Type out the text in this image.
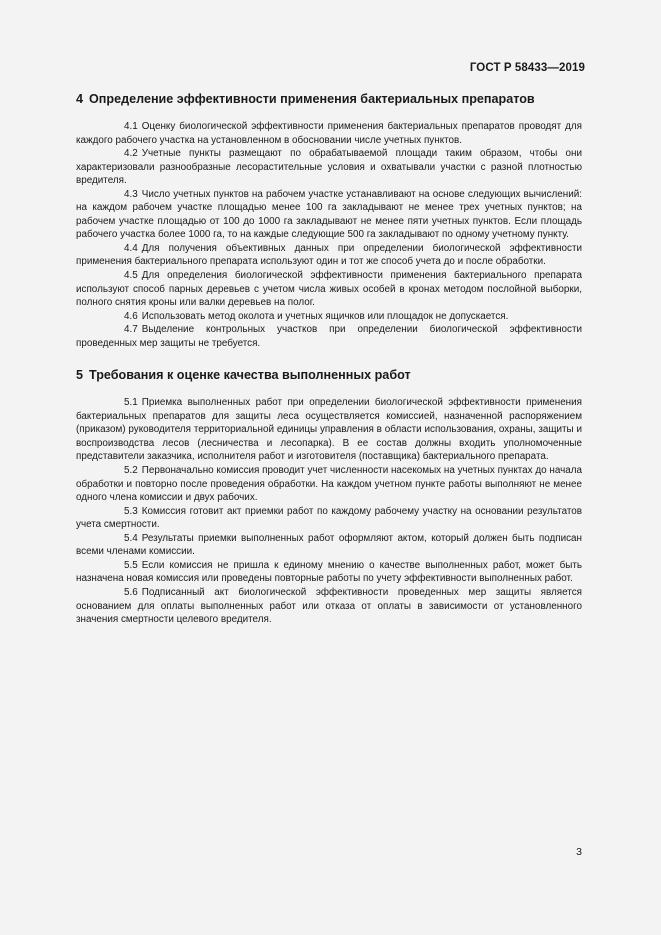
ГОСТ Р 58433—2019
4 Определение эффективности применения бактериальных препаратов

4.1 Оценку биологической эффективности применения бактериальных препаратов проводят для каждого рабочего участка на установленном в обосновании числе учетных пунктов.

4.2 Учетные пункты размещают по обрабатываемой площади таким образом, чтобы они характеризовали разнообразные лесорастительные условия и охватывали участки с разной плотностью вредителя.

4.3 Число учетных пунктов на рабочем участке устанавливают на основе следующих вычислений: на каждом рабочем участке площадью менее 100 га закладывают не менее трех учетных пунктов; на рабочем участке площадью от 100 до 1000 га закладывают не менее пяти учетных пунктов. Если площадь рабочего участка более 1000 га, то на каждые следующие 500 га закладывают по одному учетному пункту.

4.4 Для получения объективных данных при определении биологической эффективности применения бактериального препарата используют один и тот же способ учета до и после обработки.

4.5 Для определения биологической эффективности применения бактериального препарата используют способ парных деревьев с учетом числа живых особей в кронах методом послойной выборки, полного снятия кроны или валки деревьев на полог.

4.6 Использовать метод околота и учетных ящичков или площадок не допускается.

4.7 Выделение контрольных участков при определении биологической эффективности проведенных мер защиты не требуется.

5 Требования к оценке качества выполненных работ

5.1 Приемка выполненных работ при определении биологической эффективности применения бактериальных препаратов для защиты леса осуществляется комиссией, назначенной распоряжением (приказом) руководителя территориальной единицы управления в области использования, охраны, защиты и воспроизводства лесов (лесничества и лесопарка). В ее состав должны входить уполномоченные представители заказчика, исполнителя работ и изготовителя (поставщика) бактериального препарата.

5.2 Первоначально комиссия проводит учет численности насекомых на учетных пунктах до начала обработки и повторно после проведения обработки. На каждом учетном пункте работы выполняют не менее одного члена комиссии и двух рабочих.

5.3 Комиссия готовит акт приемки работ по каждому рабочему участку на основании результатов учета смертности.

5.4 Результаты приемки выполненных работ оформляют актом, который должен быть подписан всеми членами комиссии.

5.5 Если комиссия не пришла к единому мнению о качестве выполненных работ, может быть назначена новая комиссия или проведены повторные работы по учету эффективности выполненных работ.

5.6 Подписанный акт биологической эффективности проведенных мер защиты является основанием для оплаты выполненных работ или отказа от оплаты в зависимости от установленного значения смертности целевого вредителя.

3
